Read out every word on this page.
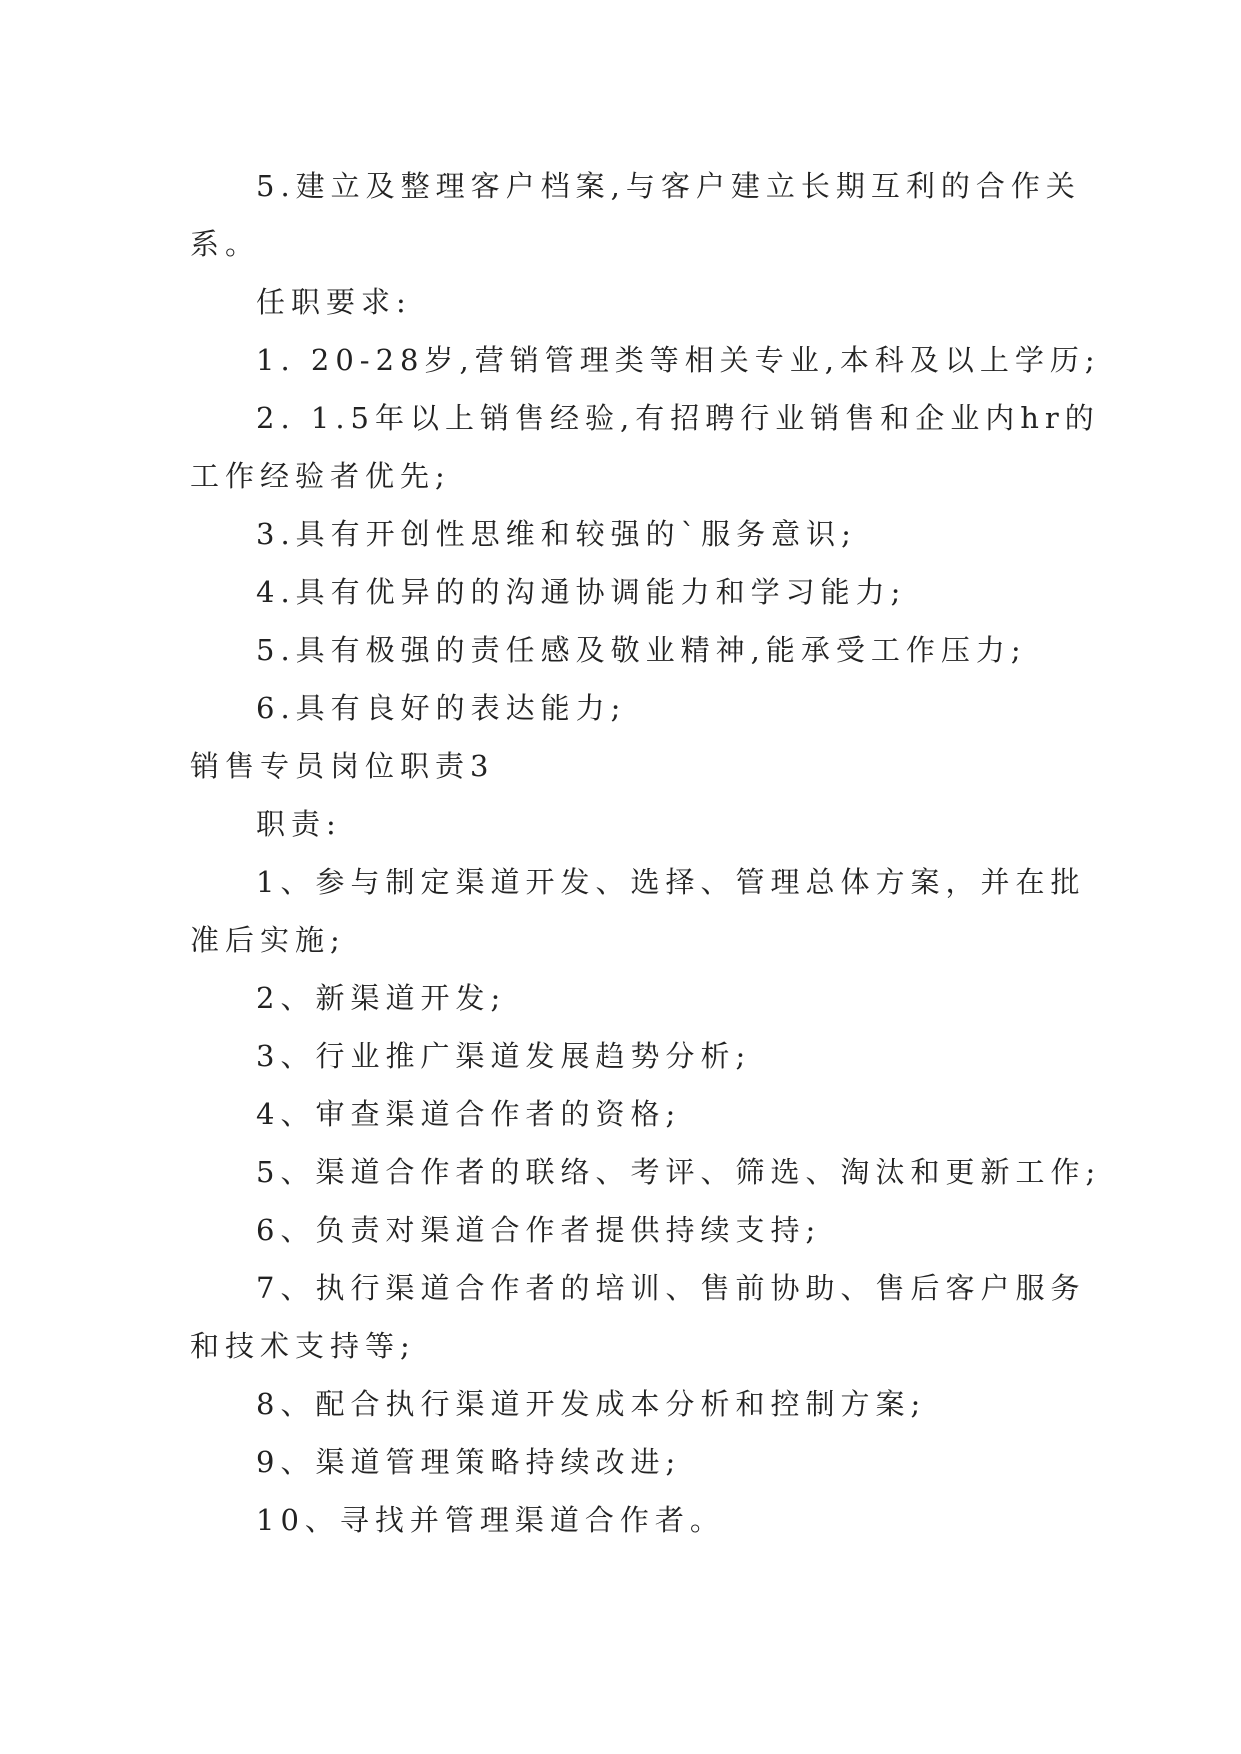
5.建立及整理客户档案,与客户建立长期互利的合作关
系。
任职要求:
1. 20-28岁,营销管理类等相关专业,本科及以上学历;
2. 1.5年以上销售经验,有招聘行业销售和企业内hr的
工作经验者优先;
3.具有开创性思维和较强的`服务意识;
4.具有优异的的沟通协调能力和学习能力;
5.具有极强的责任感及敬业精神,能承受工作压力;
6.具有良好的表达能力;
销售专员岗位职责3
职责:
1、参与制定渠道开发、选择、管理总体方案，并在批
准后实施;
2、新渠道开发;
3、行业推广渠道发展趋势分析;
4、审查渠道合作者的资格;
5、渠道合作者的联络、考评、筛选、淘汰和更新工作;
6、负责对渠道合作者提供持续支持;
7、执行渠道合作者的培训、售前协助、售后客户服务
和技术支持等;
8、配合执行渠道开发成本分析和控制方案;
9、渠道管理策略持续改进;
10、寻找并管理渠道合作者。
